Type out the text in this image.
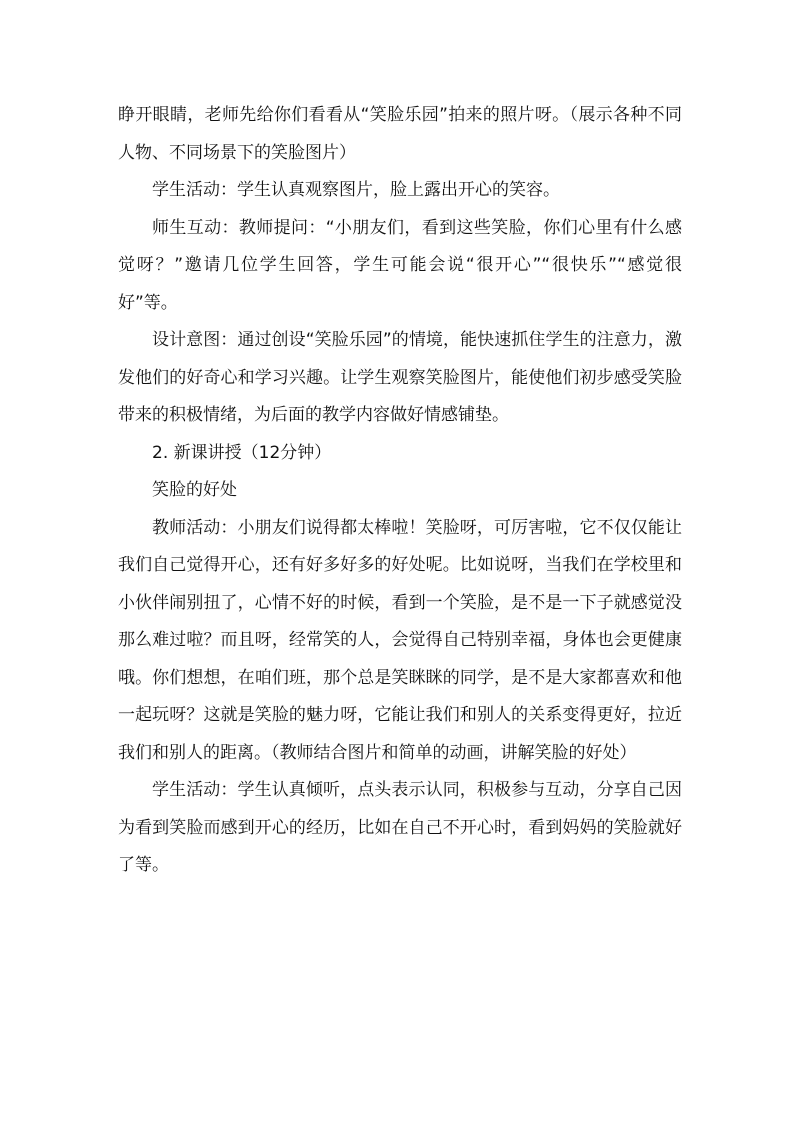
睁开眼睛，老师先给你们看看从“笑脸乐园”拍来的照片呀。（展示各种不同人物、不同场景下的笑脸图片）

学生活动：学生认真观察图片，脸上露出开心的笑容。

师生互动：教师提问：“小朋友们，看到这些笑脸，你们心里有什么感觉呀？”邀请几位学生回答，学生可能会说“很开心”“很快乐”“感觉很好”等。

设计意图：通过创设“笑脸乐园”的情境，能快速抓住学生的注意力，激发他们的好奇心和学习兴趣。让学生观察笑脸图片，能使他们初步感受笑脸带来的积极情绪，为后面的教学内容做好情感铺垫。

2. 新课讲授（12分钟）

笑脸的好处

教师活动：小朋友们说得都太棒啦！笑脸呀，可厉害啦，它不仅仅能让我们自己觉得开心，还有好多好多的好处呢。比如说呀，当我们在学校里和小伙伴闹别扭了，心情不好的时候，看到一个笑脸，是不是一下子就感觉没那么难过啦？而且呀，经常笑的人，会觉得自己特别幸福，身体也会更健康哦。你们想想，在咱们班，那个总是笑眯眯的同学，是不是大家都喜欢和他一起玩呀？这就是笑脸的魅力呀，它能让我们和别人的关系变得更好，拉近我们和别人的距离。（教师结合图片和简单的动画，讲解笑脸的好处）

学生活动：学生认真倾听，点头表示认同，积极参与互动，分享自己因为看到笑脸而感到开心的经历，比如在自己不开心时，看到妈妈的笑脸就好了等。
